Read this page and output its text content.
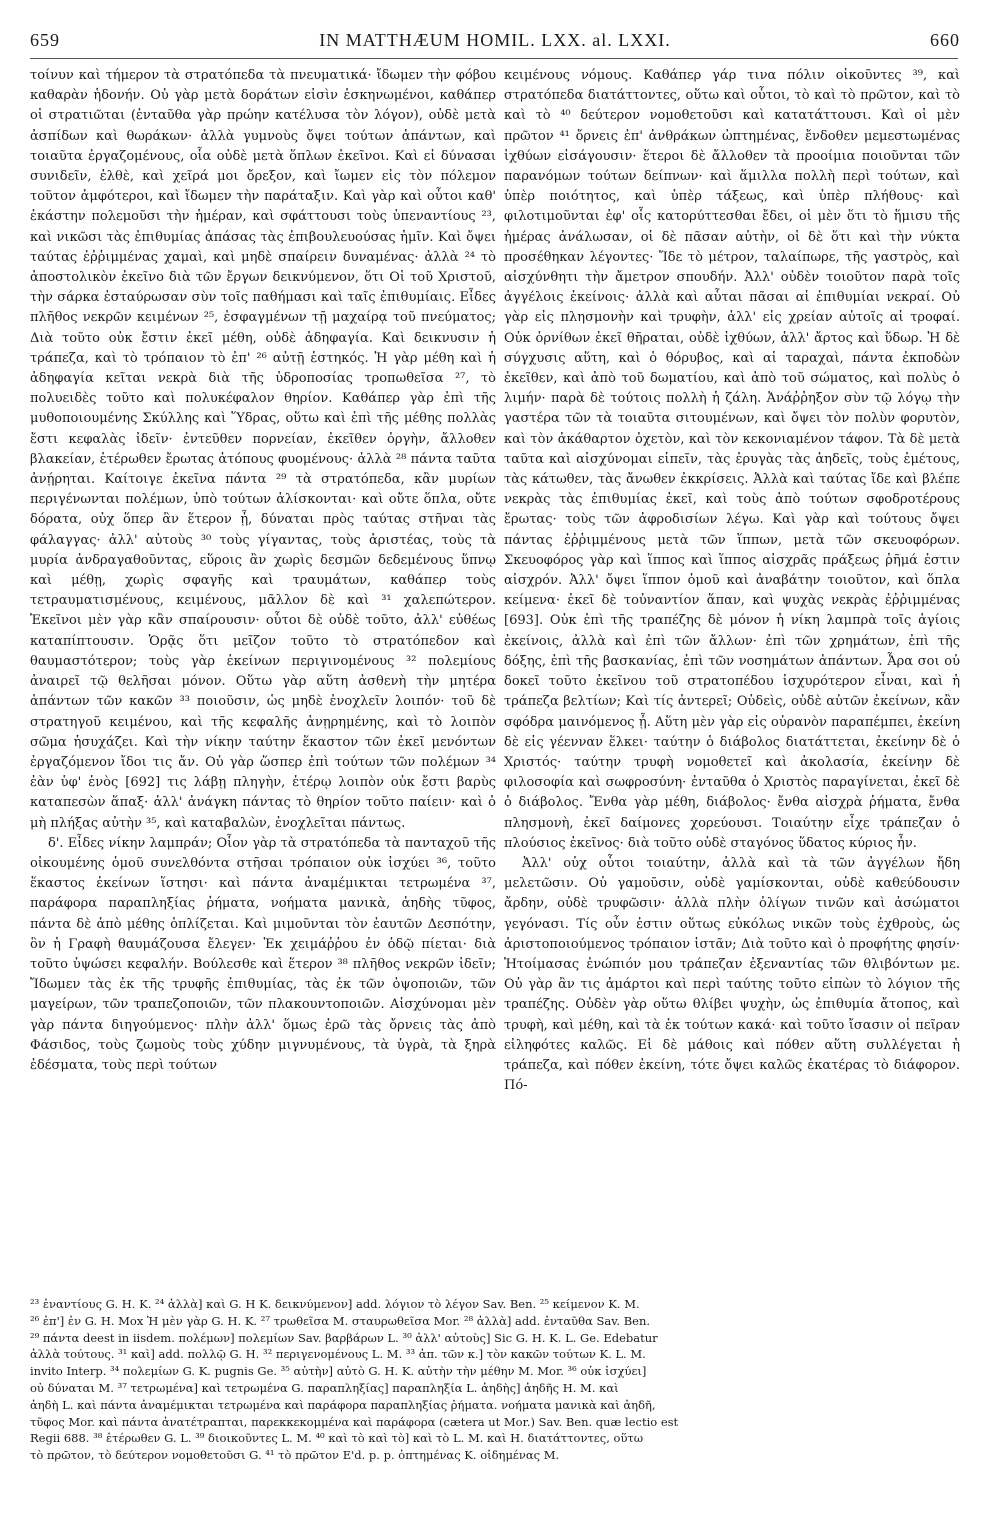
659	IN MATTHÆUM HOMIL. LXX. al. LXXI.	660

τοίνυν καὶ τήμερον τὰ στρατόπεδα τὰ πνευματικά· ἴδωμεν τὴν φόβου καθαρὰν ἡδονήν. Οὐ γὰρ μετὰ δοράτων εἰσὶν ἐσκηνωμένοι, καθάπερ οἱ στρατιῶται (ἐνταῦθα γὰρ πρώην κατέλυσα τὸν λόγον), οὐδὲ μετὰ ἀσπίδων καὶ θωράκων· ἀλλὰ γυμνοὺς ὄψει τούτων ἁπάντων, καὶ τοιαῦτα ἐργαζομένους, οἷα οὐδὲ μετὰ ὅπλων ἐκεῖνοι. Καὶ εἰ δύνασαι συνιδεῖν, ἐλθὲ, καὶ χεῖρά μοι ὄρεξον, καὶ ἴωμεν εἰς τὸν πόλεμον τοῦτον ἀμφότεροι, καὶ ἴδωμεν τὴν παράταξιν. Καὶ γὰρ καὶ οὗτοι καθ' ἑκάστην πολεμοῦσι τὴν ἡμέραν, καὶ σφάττουσι τοὺς ὑπεναντίους ²³, καὶ νικῶσι τὰς ἐπιθυμίας ἁπάσας τὰς ἐπιβουλευούσας ἡμῖν. Καὶ ὄψει ταύτας ἐῤῥιμμένας χαμαὶ, καὶ μηδὲ σπαίρειν δυναμένας· ἀλλὰ ²⁴ τὸ ἀποστολικὸν ἐκεῖνο διὰ τῶν ἔργων δεικνύμενον, ὅτι Οἱ τοῦ Χριστοῦ, τὴν σάρκα ἐσταύρωσαν σὺν τοῖς παθήμασι καὶ ταῖς ἐπιθυμίαις. Εἶδες πλῆθος νεκρῶν κειμένων ²⁵, ἐσφαγμένων τῇ μαχαίρᾳ τοῦ πνεύματος; Διὰ τοῦτο οὐκ ἔστιν ἐκεῖ μέθη, οὐδὲ ἀδηφαγία. Καὶ δεικνυσιν ἡ τράπεζα, καὶ τὸ τρόπαιον τὸ ἐπ' ²⁶ αὐτῇ ἑστηκός. Ἡ γὰρ μέθη καὶ ἡ ἀδηφαγία κεῖται νεκρὰ διὰ τῆς ὑδροποσίας τροπωθεῖσα ²⁷, τὸ πολυειδὲς τοῦτο καὶ πολυκέφαλον θηρίον. Καθάπερ γὰρ ἐπὶ τῆς μυθοποιουμένης Σκύλλης καὶ Ὕδρας, οὕτω καὶ ἐπὶ τῆς μέθης πολλὰς ἔστι κεφαλὰς ἰδεῖν· ἐντεῦθεν πορνείαν, ἐκεῖθεν ὀργὴν, ἄλλοθεν βλακείαν, ἑτέρωθεν ἔρωτας ἀτόπους φυομένους· ἀλλὰ ²⁸ πάντα ταῦτα ἀνῄρηται. Καίτοιγε ἐκεῖνα πάντα ²⁹ τὰ στρατόπεδα, κἂν μυρίων περιγένωνται πολέμων, ὑπὸ τούτων ἁλίσκονται· καὶ οὔτε ὅπλα, οὔτε δόρατα, οὐχ ὅπερ ἂν ἕτερον ᾖ, δύναται πρὸς ταύτας στῆναι τὰς φάλαγγας· ἀλλ' αὐτοὺς ³⁰ τοὺς γίγαντας, τοὺς ἀριστέας, τοὺς τὰ μυρία ἀνδραγαθοῦντας, εὕροις ἂν χωρὶς δεσμῶν δεδεμένους ὕπνῳ καὶ μέθῃ, χωρὶς σφαγῆς καὶ τραυμάτων, καθάπερ τοὺς τετραυματισμένους, κειμένους, μᾶλλον δὲ καὶ ³¹ χαλεπώτερον. Ἐκεῖνοι μὲν γὰρ κἂν σπαίρουσιν· οὗτοι δὲ οὐδὲ τοῦτο, ἀλλ' εὐθέως καταπίπτουσιν. Ὁρᾷς ὅτι μεῖζον τοῦτο τὸ στρατόπεδον καὶ θαυμαστότερον; τοὺς γὰρ ἐκείνων περιγινομένους ³² πολεμίους ἀναιρεῖ τῷ θελῆσαι μόνον. Οὕτω γὰρ αὕτη ἀσθενὴ τὴν μητέρα ἁπάντων τῶν κακῶν ³³ ποιοῦσιν, ὡς μηδὲ ἐνοχλεῖν λοιπόν· τοῦ δὲ στρατηγοῦ κειμένου, καὶ τῆς κεφαλῆς ἀνῃρημένης, καὶ τὸ λοιπὸν σῶμα ἡσυχάζει. Καὶ τὴν νίκην ταύτην ἕκαστον τῶν ἐκεῖ μενόντων ἐργαζόμενον ἴδοι τις ἄν. Οὐ γὰρ ὥσπερ ἐπὶ τούτων τῶν πολέμων ³⁴ ἐὰν ὑφ' ἑνὸς [692] τις λάβῃ πληγὴν, ἑτέρῳ λοιπὸν οὐκ ἔστι βαρὺς καταπεσὼν ἅπαξ· ἀλλ' ἀνάγκη πάντας τὸ θηρίον τοῦτο παίειν· καὶ ὁ μὴ πλήξας αὐτὴν ³⁵, καὶ καταβαλὼν, ἐνοχλεῖται πάντως.

δ'. Εἶδες νίκην λαμπράν; Οἷον γὰρ τὰ στρατόπεδα τὰ πανταχοῦ τῆς οἰκουμένης ὁμοῦ συνελθόντα στῆσαι τρόπαιον οὐκ ἰσχύει ³⁶, τοῦτο ἕκαστος ἐκείνων ἵστησι· καὶ πάντα ἀναμέμικται τετρωμένα ³⁷, παράφορα παραπληξίας ῥήματα, νοήματα μανικὰ, ἀηδὴς τῦφος, πάντα δὲ ἀπὸ μέθης ὁπλίζεται. Καὶ μιμοῦνται τὸν ἑαυτῶν Δεσπότην, ὃν ἡ Γραφὴ θαυμάζουσα ἔλεγεν· Ἐκ χειμάῤῥου ἐν ὁδῷ πίεται· διὰ τοῦτο ὑψώσει κεφαλήν. Βούλεσθε καὶ ἕτερον ³⁸ πλῆθος νεκρῶν ἰδεῖν; Ἴδωμεν τὰς ἐκ τῆς τρυφῆς ἐπιθυμίας, τὰς ἐκ τῶν ὀψοποιῶν, τῶν μαγείρων, τῶν τραπεζοποιῶν, τῶν πλακουντοποιῶν. Αἰσχύνομαι μὲν γὰρ πάντα διηγούμενος· πλὴν ἀλλ' ὅμως ἐρῶ τὰς ὄρνεις τὰς ἀπὸ Φάσιδος, τοὺς ζωμοὺς τοὺς χύδην μιγνυμένους, τὰ ὑγρὰ, τὰ ξηρὰ ἐδέσματα, τοὺς περὶ τούτων

κειμένους νόμους. Καθάπερ γάρ τινα πόλιν οἰκοῦντες ³⁹, καὶ στρατόπεδα διατάττοντες, οὕτω καὶ οὗτοι, τὸ καὶ τὸ πρῶτον, καὶ τὸ καὶ τὸ ⁴⁰ δεύτερον νομοθετοῦσι καὶ κατατάττουσι. Καὶ οἱ μὲν πρῶτον ⁴¹ ὄρνεις ἐπ' ἀνθράκων ὠπτημένας, ἔνδοθεν μεμεστωμένας ἰχθύων εἰσάγουσιν· ἕτεροι δὲ ἄλλοθεν τὰ προοίμια ποιοῦνται τῶν παρανόμων τούτων δείπνων· καὶ ἅμιλλα πολλὴ περὶ τούτων, καὶ ὑπὲρ ποιότητος, καὶ ὑπὲρ τάξεως, καὶ ὑπὲρ πλήθους· καὶ φιλοτιμοῦνται ἐφ' οἷς κατορύττεσθαι ἔδει, οἱ μὲν ὅτι τὸ ἥμισυ τῆς ἡμέρας ἀνάλωσαν, οἱ δὲ πᾶσαν αὐτὴν, οἱ δὲ ὅτι καὶ τὴν νύκτα προσέθηκαν λέγοντες· Ἴδε τὸ μέτρον, ταλαίπωρε, τῆς γαστρὸς, καὶ αἰσχύνθητι τὴν ἄμετρον σπουδήν. Ἀλλ' οὐδὲν τοιοῦτον παρὰ τοῖς ἀγγέλοις ἐκείνοις· ἀλλὰ καὶ αὗται πᾶσαι αἱ ἐπιθυμίαι νεκραί. Οὐ γὰρ εἰς πλησμονὴν καὶ τρυφὴν, ἀλλ' εἰς χρείαν αὐτοῖς αἱ τροφαί. Οὐκ ὀρνίθων ἐκεῖ θῆραται, οὐδὲ ἰχθύων, ἀλλ' ἄρτος καὶ ὕδωρ. Ἡ δὲ σύγχυσις αὕτη, καὶ ὁ θόρυβος, καὶ αἱ ταραχαὶ, πάντα ἐκποδὼν ἐκεῖθεν, καὶ ἀπὸ τοῦ δωματίου, καὶ ἀπὸ τοῦ σώματος, καὶ πολὺς ὁ λιμήν· παρὰ δὲ τούτοις πολλὴ ἡ ζάλη. Ἀνάῤῥηξον σὺν τῷ λόγῳ τὴν γαστέρα τῶν τὰ τοιαῦτα σιτουμένων, καὶ ὄψει τὸν πολὺν φορυτὸν, καὶ τὸν ἀκάθαρτον ὀχετὸν, καὶ τὸν κεκονιαμένον τάφον. Τὰ δὲ μετὰ ταῦτα καὶ αἰσχύνομαι εἰπεῖν, τὰς ἐρυγὰς τὰς ἀηδεῖς, τοὺς ἐμέτους, τὰς κάτωθεν, τὰς ἄνωθεν ἐκκρίσεις. Ἀλλὰ καὶ ταύτας ἴδε καὶ βλέπε νεκρὰς τὰς ἐπιθυμίας ἐκεῖ, καὶ τοὺς ἀπὸ τούτων σφοδροτέρους ἔρωτας· τοὺς τῶν ἀφροδισίων λέγω. Καὶ γὰρ καὶ τούτους ὄψει πάντας ἐῤῥιμμένους μετὰ τῶν ἵππων, μετὰ τῶν σκευοφόρων. Σκευοφόρος γὰρ καὶ ἵππος καὶ ἵππος αἰσχρᾶς πράξεως ῥῆμά ἐστιν αἰσχρόν. Ἀλλ' ὄψει ἵππον ὁμοῦ καὶ ἀναβάτην τοιοῦτον, καὶ ὅπλα κείμενα· ἐκεῖ δὲ τοὐναντίον ἅπαν, καὶ ψυχὰς νεκρὰς ἐῤῥιμμένας [693]. Οὐκ ἐπὶ τῆς τραπέζης δὲ μόνον ἡ νίκη λαμπρὰ τοῖς ἁγίοις ἐκείνοις, ἀλλὰ καὶ ἐπὶ τῶν ἄλλων· ἐπὶ τῶν χρημάτων, ἐπὶ τῆς δόξης, ἐπὶ τῆς βασκανίας, ἐπὶ τῶν νοσημάτων ἁπάντων. Ἆρα σοι οὐ δοκεῖ τοῦτο ἐκεῖνου τοῦ στρατοπέδου ἰσχυρότερον εἶναι, καὶ ἡ τράπεζα βελτίων; Καὶ τίς ἀντερεῖ; Οὐδεὶς, οὐδὲ αὐτῶν ἐκείνων, κἂν σφόδρα μαινόμενος ᾖ. Αὕτη μὲν γὰρ εἰς οὐρανὸν παραπέμπει, ἐκείνη δὲ εἰς γέενναν ἕλκει· ταύτην ὁ διάβολος διατάττεται, ἐκείνην δὲ ὁ Χριστός· ταύτην τρυφὴ νομοθετεῖ καὶ ἀκολασία, ἐκείνην δὲ φιλοσοφία καὶ σωφροσύνη· ἐνταῦθα ὁ Χριστὸς παραγίνεται, ἐκεῖ δὲ ὁ διάβολος. Ἔνθα γὰρ μέθη, διάβολος· ἔνθα αἰσχρὰ ῥήματα, ἔνθα πλησμονὴ, ἐκεῖ δαίμονες χορεύουσι. Τοιαύτην εἶχε τράπεζαν ὁ πλούσιος ἐκεῖνος· διὰ τοῦτο οὐδὲ σταγόνος ὕδατος κύριος ἦν.

Ἀλλ' οὐχ οὗτοι τοιαύτην, ἀλλὰ καὶ τὰ τῶν ἀγγέλων ἤδη μελετῶσιν. Οὐ γαμοῦσιν, οὐδὲ γαμίσκονται, οὐδὲ καθεύδουσιν ἄρδην, οὐδὲ τρυφῶσιν· ἀλλὰ πλὴν ὀλίγων τινῶν καὶ ἀσώματοι γεγόνασι. Τίς οὖν ἐστιν οὕτως εὐκόλως νικῶν τοὺς ἐχθροὺς, ὡς ἀριστοποιούμενος τρόπαιον ἱστᾶν; Διὰ τοῦτο καὶ ὁ προφήτης φησίν· Ἡτοίμασας ἐνώπιόν μου τράπεζαν ἐξεναντίας τῶν θλιβόντων με. Οὐ γὰρ ἂν τις ἁμάρτοι καὶ περὶ ταύτης τοῦτο εἰπὼν τὸ λόγιον τῆς τραπέζης. Οὐδὲν γὰρ οὕτω θλίβει ψυχὴν, ὡς ἐπιθυμία ἄτοπος, καὶ τρυφὴ, καὶ μέθη, καὶ τὰ ἐκ τούτων κακά· καὶ τοῦτο ἴσασιν οἱ πεῖραν εἰληφότες καλῶς. Εἰ δὲ μάθοις καὶ πόθεν αὕτη συλλέγεται ἡ τράπεζα, καὶ πόθεν ἐκείνη, τότε ὄψει καλῶς ἑκατέρας τὸ διάφορον. Πό-

²³ ἐναντίους G. H. K. ²⁴ ἀλλὰ] καὶ G. H K. δεικνύμενον] add. λόγιον τὸ λέγον Sav. Ben. ²⁵ κείμενον K. M.
²⁶ ἐπ'] ἐν G. H. Mox Ἡ μὲν γὰρ G. H. K. ²⁷ τρωθεῖσα M. σταυρωθεῖσα Mor. ²⁸ ἀλλὰ] add. ἐνταῦθα Sav. Ben.
²⁹ πάντα deest in iisdem. πολέμων] πολεμίων Sav. βαρβάρων L. ³⁰ ἀλλ' αὐτοὺς] Sic G. H. K. L. Ge. Edebatur
ἀλλὰ τούτους. ³¹ καὶ] add. πολλῷ G. H. ³² περιγενομένους L. M. ³³ ἀπ. τῶν κ.] τὸν κακῶν τούτων K. L. M.
invito Interp. ³⁴ πολεμίων G. K. pugnis Ge. ³⁵ αὐτὴν] αὐτὸ G. H. K. αὐτὴν τὴν μέθην M. Mor. ³⁶ οὐκ ἰσχύει]
οὐ δύναται M. ³⁷ τετρωμένα] καὶ τετρωμένα G. παραπληξίας] παραπληξία L. ἀηδὴς] ἀηδῆς H. M. καὶ
ἀηδὴ L. καὶ πάντα ἀναμέμικται τετρωμένα καὶ παράφορα παραπληξίας ῥήματα. νοήματα μανικὰ καὶ ἀηδῆ,
τῦφος Mor. καὶ πάντα ἀνατέτραπται, παρεκκεκομμένα καὶ παράφορα (cætera ut Mor.) Sav. Ben. quæ lectio est
Regii 688. ³⁸ ἑτέρωθεν G. L. ³⁹ διοικοῦντες L. M. ⁴⁰ καὶ τὸ καὶ τὸ] καὶ τὸ L. M. καὶ H. διατάττοντες, οὕτω
τὸ πρῶτον, τὸ δεύτερον νομοθετοῦσι G. ⁴¹ τὸ πρῶτον E'd. p. p. ὀπτημένας K. οἰδημένας M.
